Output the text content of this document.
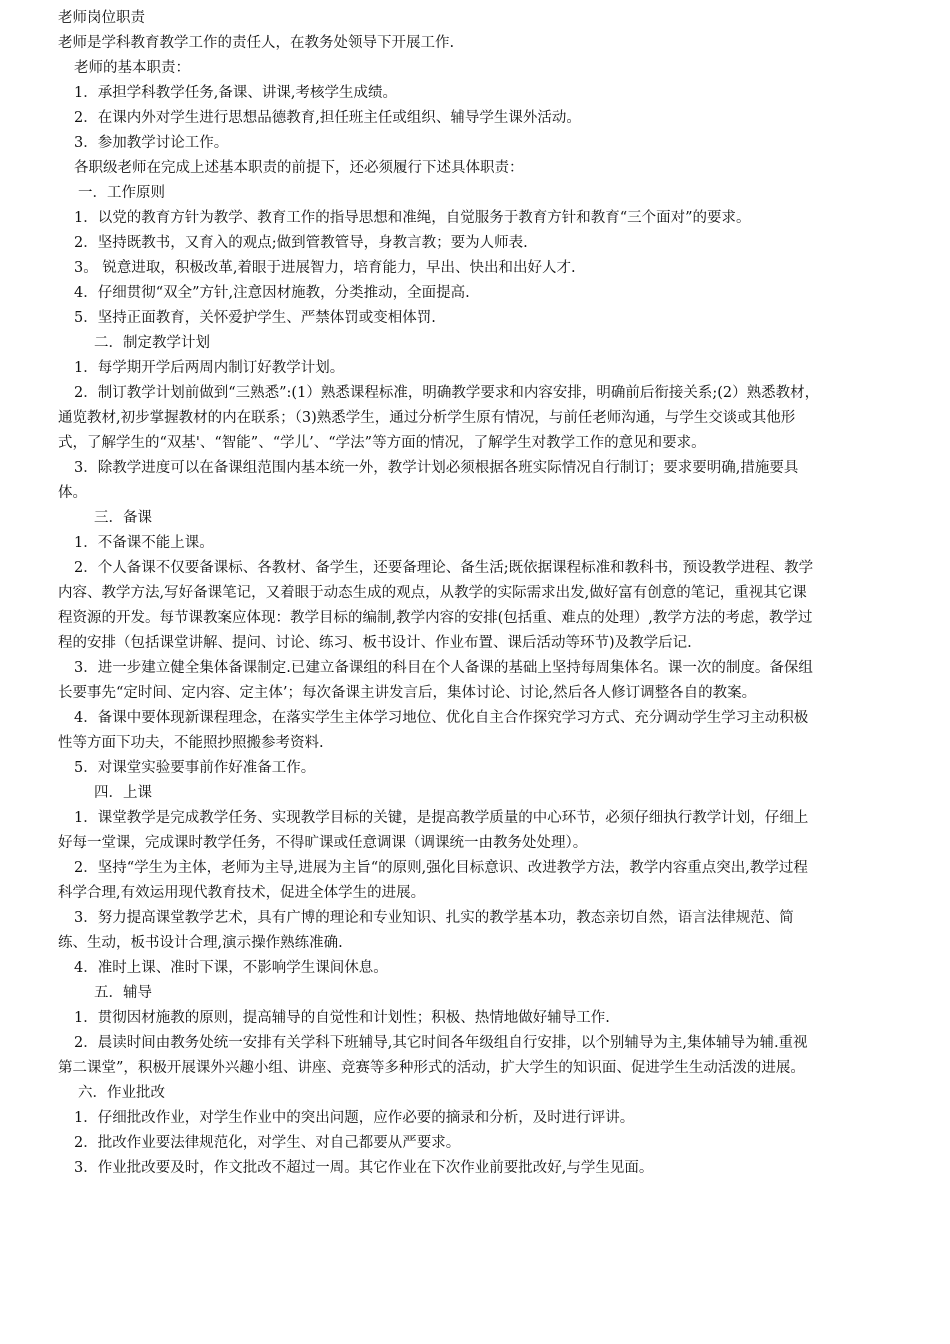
老师岗位职责

老师是学科教育教学工作的责任人，在教务处领导下开展工作.

老师的基本职责：

1．承担学科教学任务,备课、讲课,考核学生成绩。

2．在课内外对学生进行思想品德教育,担任班主任或组织、辅导学生课外活动。

3．参加教学讨论工作。

各职级老师在完成上述基本职责的前提下，还必须履行下述具体职责：

一．工作原则

1．以党的教育方针为教学、教育工作的指导思想和准绳，自觉服务于教育方针和教育“三个面对”的要求。

2．坚持既教书，又育入的观点;做到管教管导，身教言教；要为人师表.

3。 锐意进取，积极改革,着眼于进展智力，培育能力，早出、快出和出好人才.

4．仔细贯彻“双全”方针,注意因材施教，分类推动，全面提高.

5．坚持正面教育，关怀爱护学生、严禁体罚或变相体罚.

二．制定教学计划

1．每学期开学后两周内制订好教学计划。

2．制订教学计划前做到“三熟悉”:(1）熟悉课程标准，明确教学要求和内容安排，明确前后衔接关系;(2）熟悉教材，通览教材,初步掌握教材的内在联系；（3)熟悉学生，通过分析学生原有情况，与前任老师沟通，与学生交谈或其他形式，了解学生的“双基'、“智能”、“学儿’、“学法”等方面的情况，了解学生对教学工作的意见和要求。

3．除教学进度可以在备课组范围内基本统一外，教学计划必须根据各班实际情况自行制订；要求要明确,措施要具体。

三．备课

1．不备课不能上课。

2．个人备课不仅要备课标、各教材、备学生，还要备理论、备生活;既依据课程标准和教科书，预设教学进程、教学内容、教学方法,写好备课笔记，又着眼于动态生成的观点，从教学的实际需求出发,做好富有创意的笔记，重视其它课程资源的开发。每节课教案应体现：教学目标的编制,教学内容的安排(包括重、难点的处理）,教学方法的考虑，教学过程的安排（包括课堂讲解、提问、讨论、练习、板书设计、作业布置、课后活动等环节)及教学后记.

3．进一步建立健全集体备课制定.已建立备课组的科目在个人备课的基础上坚持每周集体名。课一次的制度。备保组长要事先“定时间、定内容、定主体’；每次备课主讲发言后，集体讨论、讨论,然后各人修订调整各自的教案。

4．备课中要体现新课程理念，在落实学生主体学习地位、优化自主合作探究学习方式、充分调动学生学习主动积极性等方面下功夫，不能照抄照搬参考资料.

5．对课堂实验要事前作好准备工作。

四．上课

1．课堂教学是完成教学任务、实现教学目标的关键，是提高教学质量的中心环节，必须仔细执行教学计划，仔细上好每一堂课，完成课时教学任务，不得旷课或任意调课（调课统一由教务处处理）。

2．坚持“学生为主体，老师为主导,进展为主旨“的原则,强化目标意识、改进教学方法，教学内容重点突出,教学过程科学合理,有效运用现代教育技术，促进全体学生的进展。

3．努力提高课堂教学艺术，具有广博的理论和专业知识、扎实的教学基本功，教态亲切自然，语言法律规范、简练、生动，板书设计合理,演示操作熟练准确.

4．准时上课、准时下课，不影响学生课间休息。

五．辅导

1．贯彻因材施教的原则，提高辅导的自觉性和计划性；积极、热情地做好辅导工作.

2．晨读时间由教务处统一安排有关学科下班辅导,其它时间各年级组自行安排，以个别辅导为主,集体辅导为辅.重视第二课堂”，积极开展课外兴趣小组、讲座、竞赛等多种形式的活动，扩大学生的知识面、促进学生生动活泼的进展。

六．作业批改

1．仔细批改作业，对学生作业中的突出问题，应作必要的摘录和分析，及时进行评讲。

2．批改作业要法律规范化，对学生、对自己都要从严要求。

3．作业批改要及时，作文批改不超过一周。其它作业在下次作业前要批改好,与学生见面。
